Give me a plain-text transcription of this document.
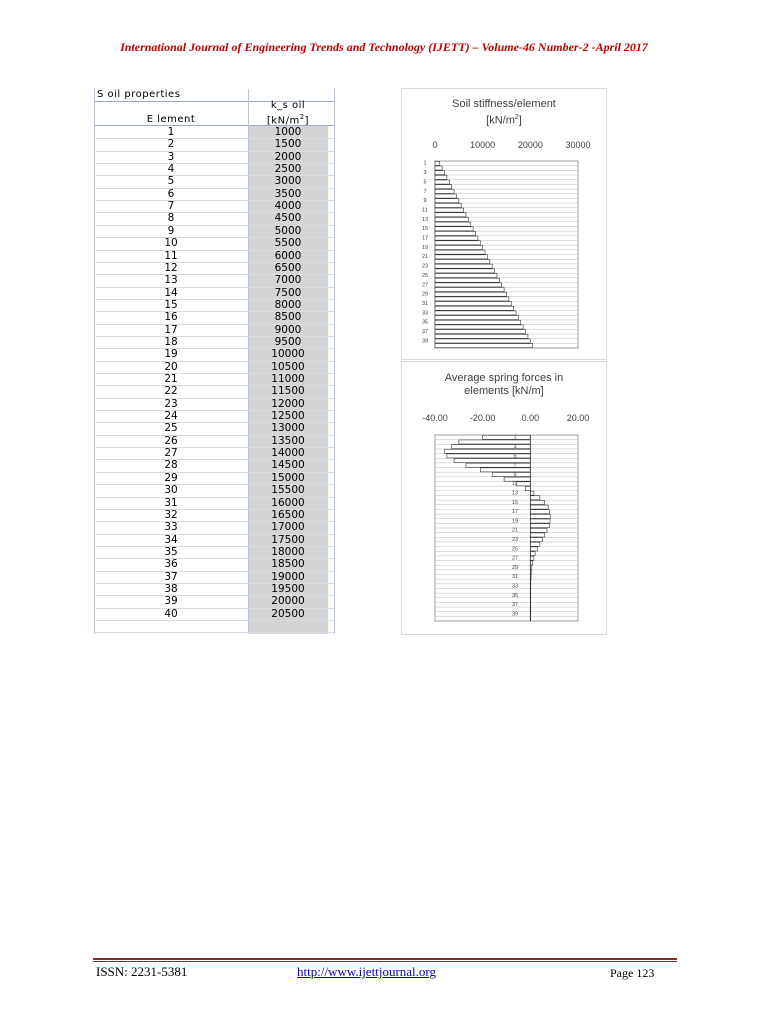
International Journal of Engineering Trends and Technology (IJETT) – Volume-46 Number-2 -April 2017
S oil properties
k_s oil
$[kN/m^2]$
E lement
1	1000
2	1500
3	2000
4	2500
5	3000
6	3500
7	4000
8	4500
9	5000
10	5500
11	6000
12	6500
13	7000
14	7500
15	8000
16	8500
17	9000
18	9500
19	10000
20	10500
21	11000
22	11500
23	12000
24	12500
25	13000
26	13500
27	14000
28	14500
29	15000
30	15500
31	16000
32	16500
33	17000
34	17500
35	18000
36	18500
37	19000
38	19500
39	20000
40	20500
Soil stiffness/element
$[kN/m^2]$
0	10000	20000	30000
1
3
5
7
9
11
13
15
17
19
21
23
25
27
29
31
33
35
37
39
Average spring forces in
elements [kN/m]
-40.00 -20.00	0.00	20.00
1
3
5
7
9
11
13
15
17
19
21
23
25
27
29
31
33
35
37
39
ISSN: 2231-5381	http://www.ijettjournal.org	Page 123
